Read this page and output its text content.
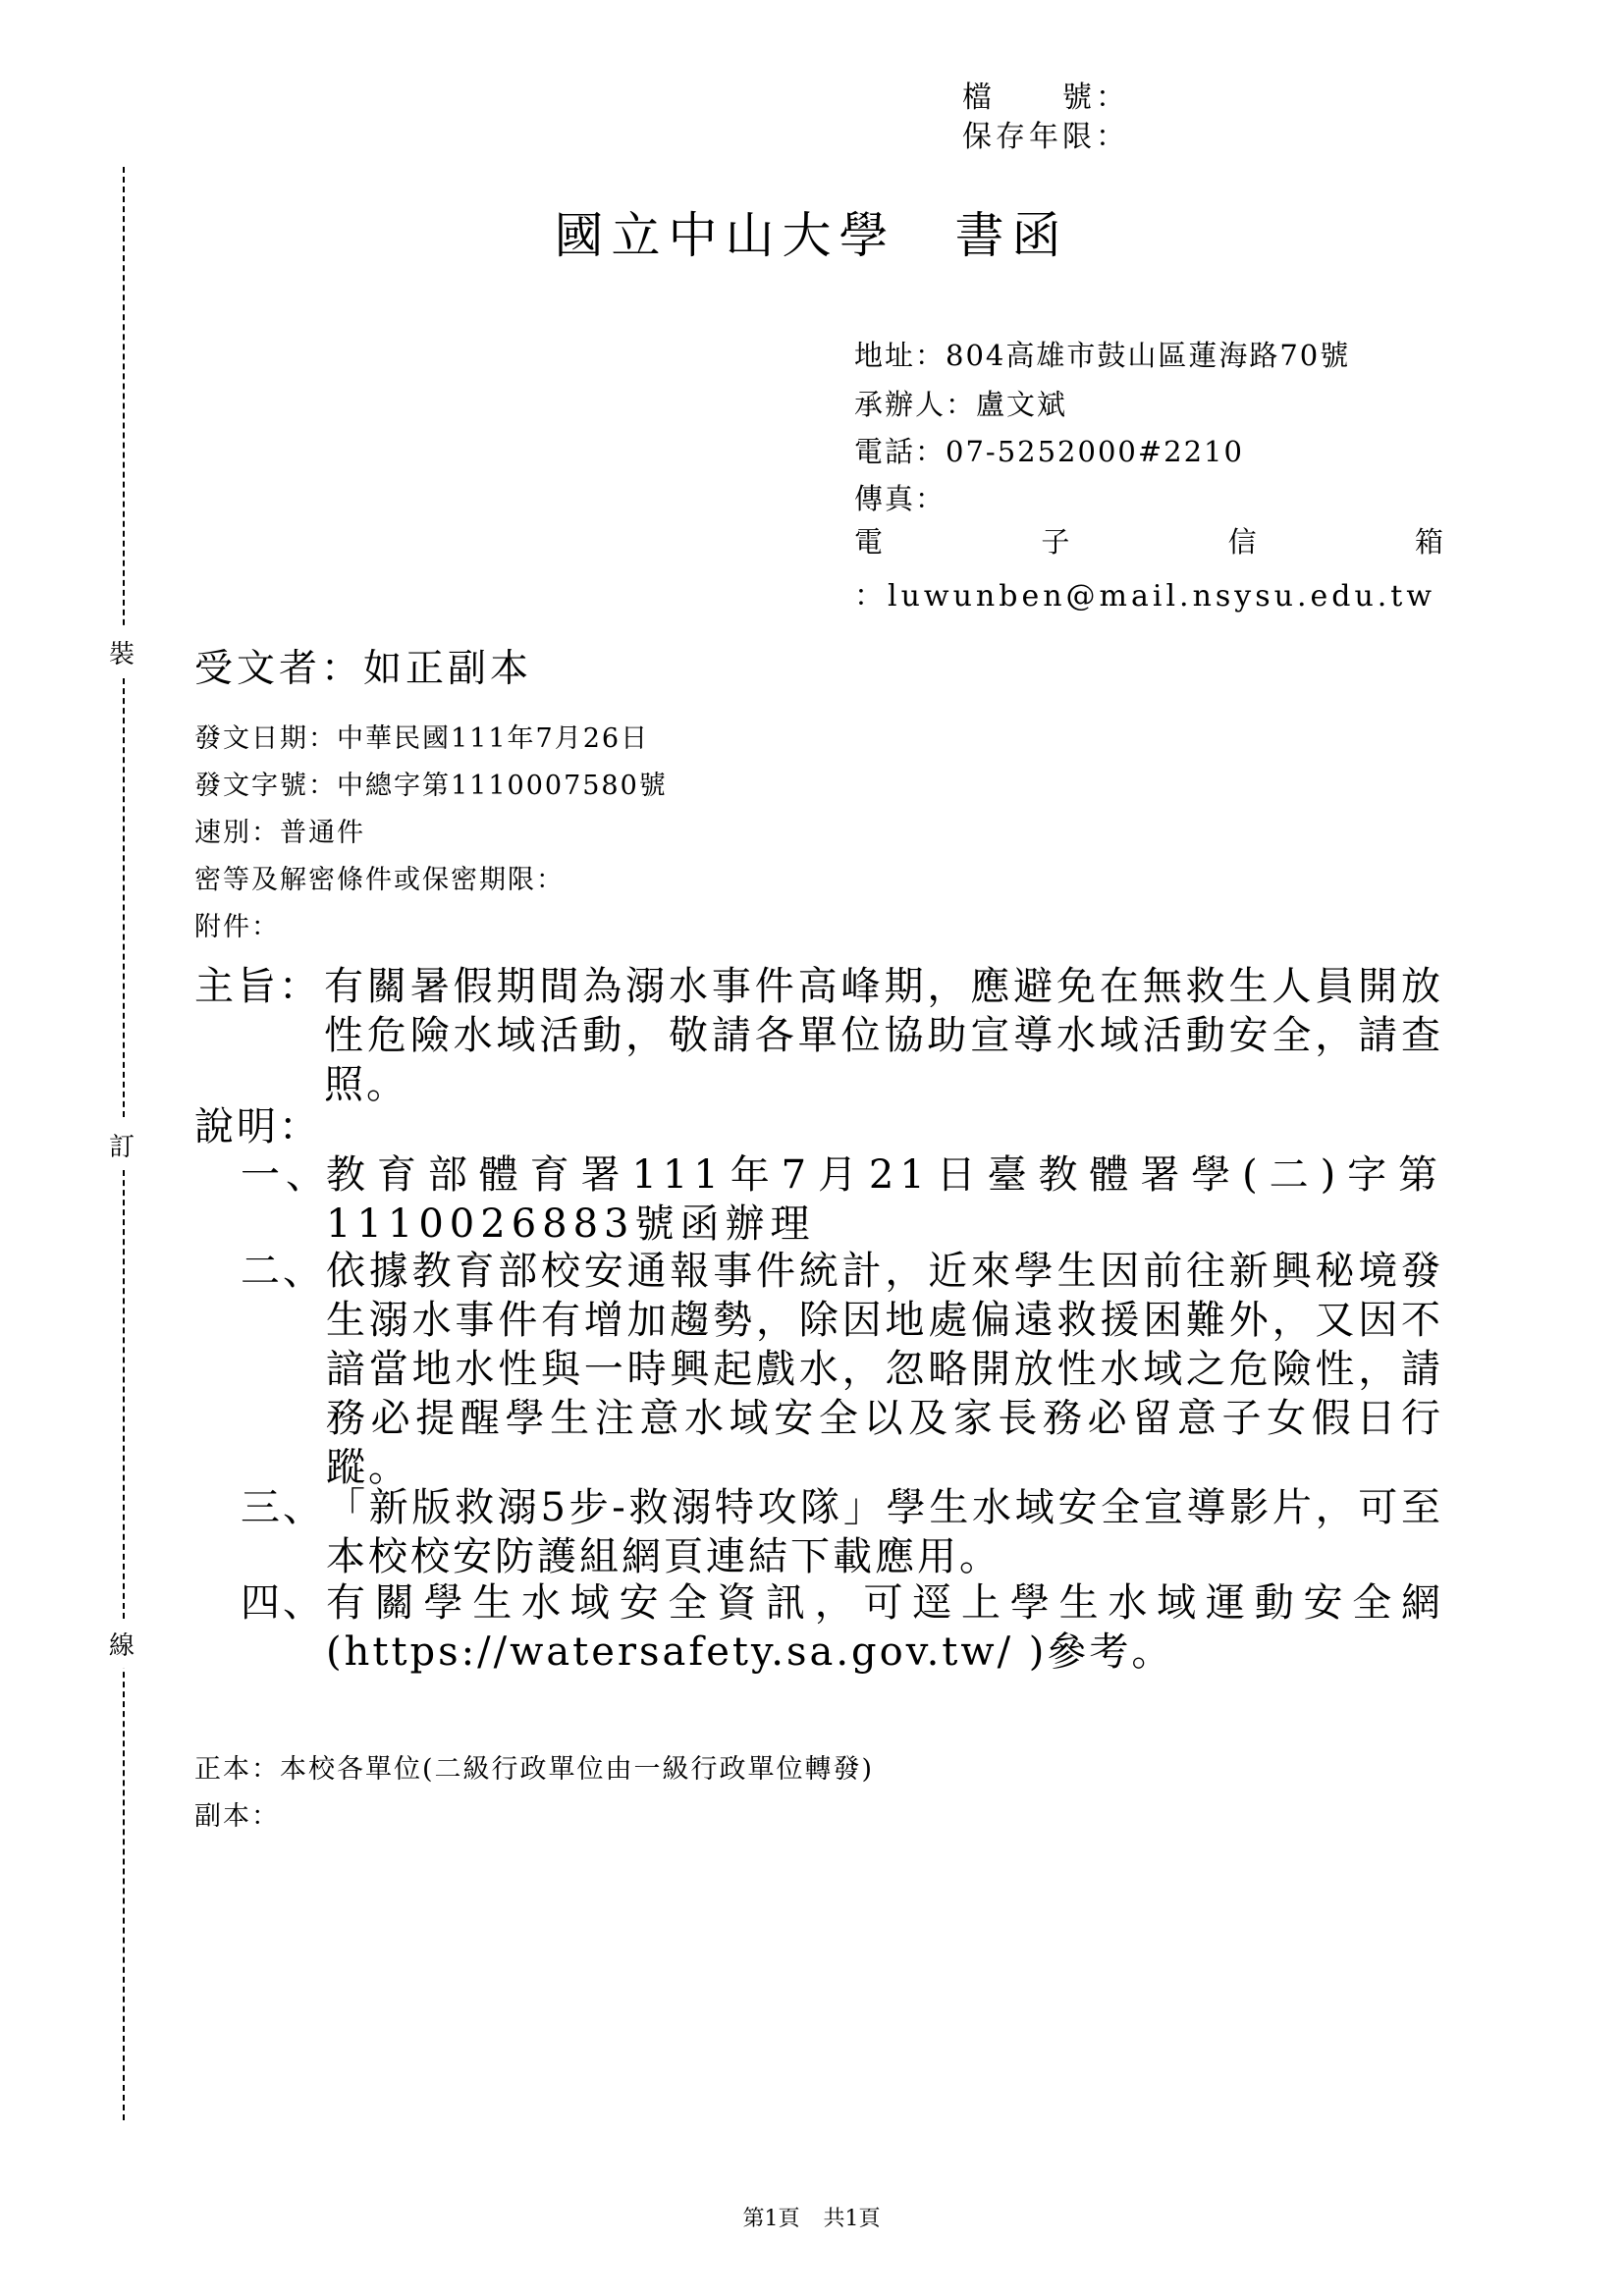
檔　　號：
保存年限：
國立中山大學 書函
地址：804高雄市鼓山區蓮海路70號
承辦人：盧文斌
電話：07-5252000#2210
傳真：
電	子	信	箱
：luwunben@mail.nsysu.edu.tw
裝
訂
線
受文者：如正副本
發文日期：中華民國111年7月26日
發文字號：中總字第1110007580號
速別：普通件
密等及解密條件或保密期限：
附件：
主旨： 有關暑假期間為溺水事件高峰期，應避免在無救生人員開放性危險水域活動，敬請各單位協助宣導水域活動安全，請查照。
說明：
一、
教育部體育署111年7月21日臺教體署學(二)字第1110026883號函辦理
二、 依據教育部校安通報事件統計，近來學生因前往新興秘境發生溺水事件有增加趨勢，除因地處偏遠救援困難外，又因不諳當地水性與一時興起戲水，忽略開放性水域之危險性，請務必提醒學生注意水域安全以及家長務必留意子女假日行蹤。
三、 「新版救溺5步-救溺特攻隊」學生水域安全宣導影片，可至本校校安防護組網頁連結下載應用。
四、 有關學生水域安全資訊，可逕上學生水域運動安全網(https://watersafety.sa.gov.tw/ )參考。
正本：本校各單位(二級行政單位由一級行政單位轉發)
副本：
第1頁 共1頁
